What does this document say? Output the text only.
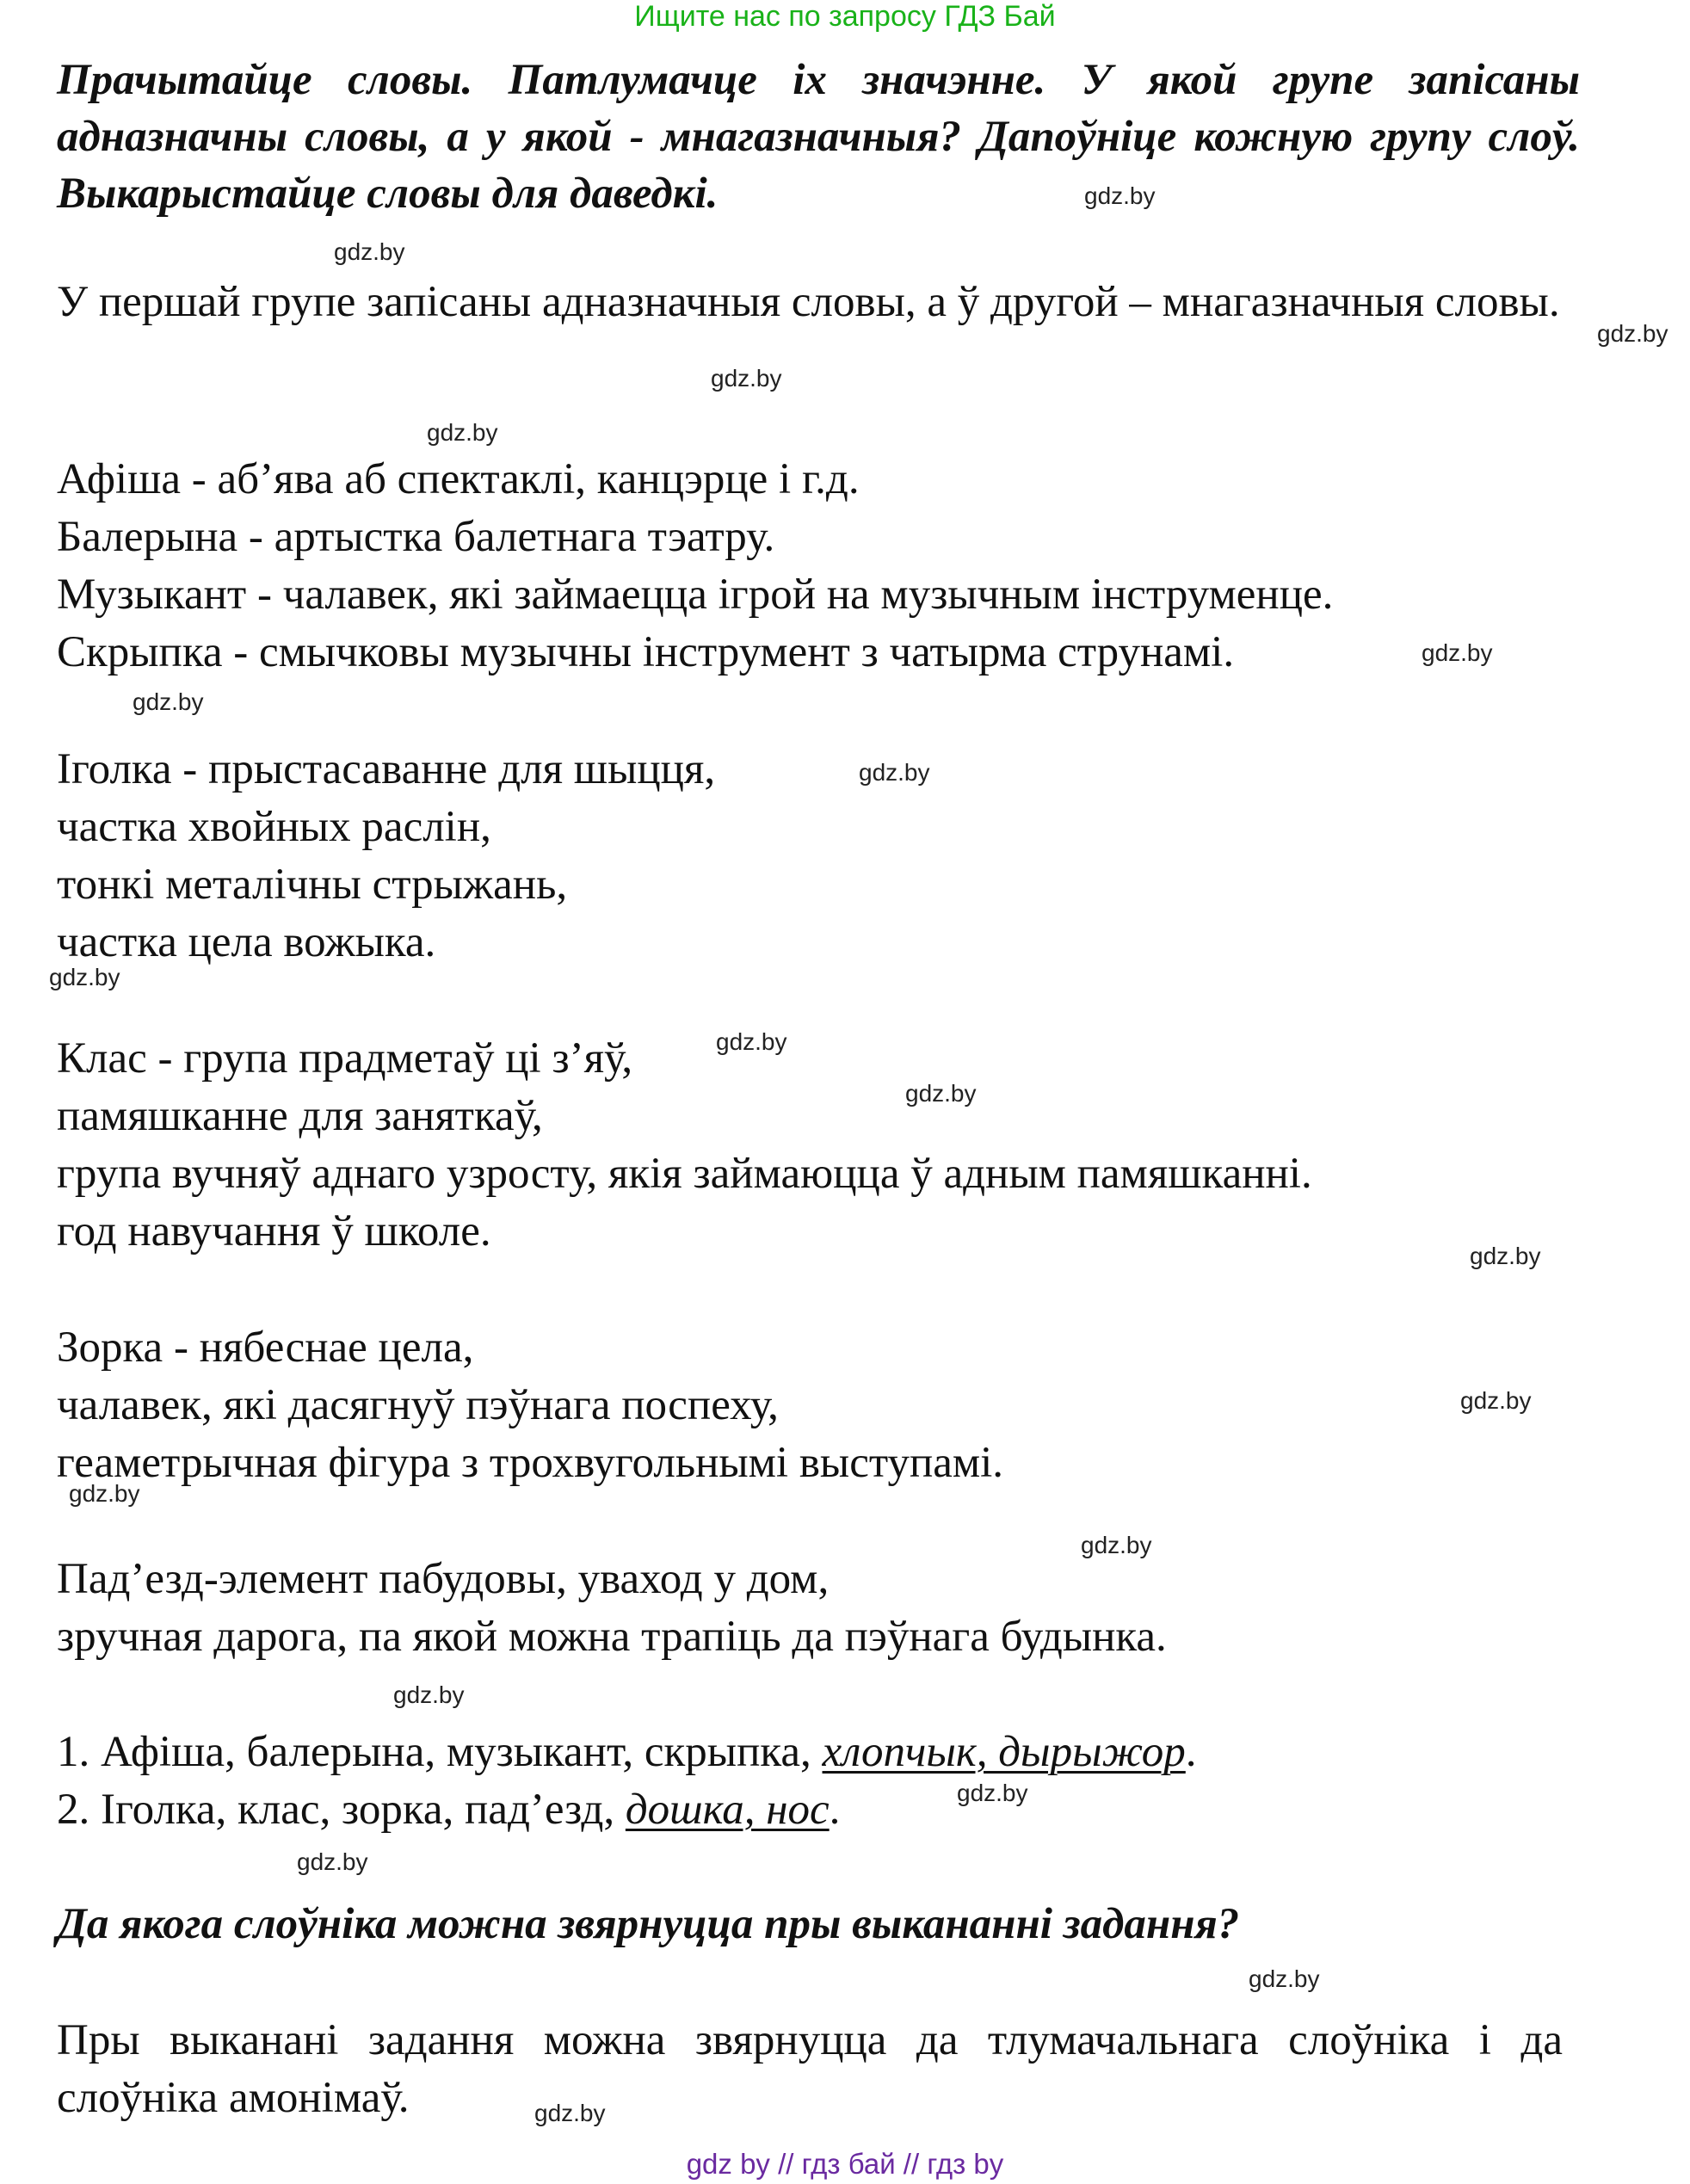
Ищите нас по запросу ГДЗ Бай
Прачытайце словы. Патлумачце іх значэнне. У якой групе запісаны адназначны словы, а у якой - мнагазначныя? Дапоўніце кожную групу слоў. Выкарыстайце словы для даведкі.
У першай групе запісаны адназначныя словы, а ў другой – мнагазначныя словы.
Афіша - аб’ява аб спектаклі, канцэрце і г.д.
Балерына - артыстка балетнага тэатру.
Музыкант - чалавек, які займаецца ігрой на музычным інструменце.
Скрыпка - смычковы музычны інструмент з чатырма струнамі.
Іголка - прыстасаванне для шыцця,
частка хвойных раслін,
тонкі металічны стрыжань,
частка цела вожыка.
Клас - група прадметаў ці з’яў,
памяшканне для заняткаў,
група вучняў аднаго узросту, якія займаюцца ў адным памяшканні.
год навучання ў школе.
Зорка - нябеснае цела,
чалавек, які дасягнуў пэўнага поспеху,
геаметрычная фігура з трохвугольнымі выступамі.
Пад’езд-элемент пабудовы, уваход у дом,
зручная дарога, па якой можна трапіць да пэўнага будынка.
1. Афіша, балерына, музыкант, скрыпка, хлопчык, дырыжор.
2. Іголка, клас, зорка, пад’езд, дошка, нос.
Да якога слоўніка можна звярнуцца пры выкананні задання?
Пры выканані задання можна звярнуцца да тлумачальнага слоўніка і да слоўніка амонімаў.
gdz.by
gdz.by
gdz.by
gdz.by
gdz.by
gdz.by
gdz.by
gdz.by
gdz.by
gdz.by
gdz.by
gdz.by
gdz.by
gdz.by
gdz.by
gdz.by
gdz.by
gdz.by
gdz.by
gdz.by
gdz by // гдз бай // гдз by
